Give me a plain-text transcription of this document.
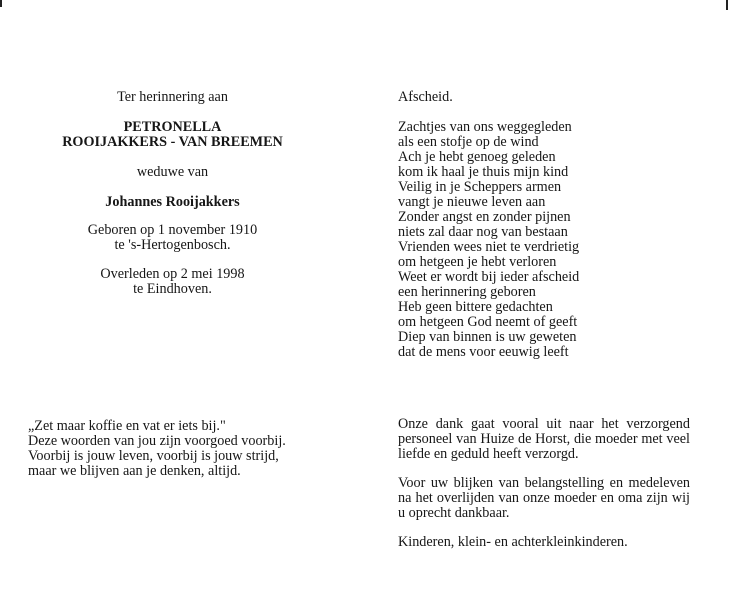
Ter herinnering aan
PETRONELLA
ROOIJAKKERS - VAN BREEMEN
weduwe van
Johannes Rooijakkers
Geboren op 1 november 1910
te 's-Hertogenbosch.
Overleden op 2 mei 1998
te Eindhoven.
Afscheid.
Zachtjes van ons weggegleden
als een stofje op de wind
Ach je hebt genoeg geleden
kom ik haal je thuis mijn kind
Veilig in je Scheppers armen
vangt je nieuwe leven aan
Zonder angst en zonder pijnen
niets zal daar nog van bestaan
Vrienden wees niet te verdrietig
om hetgeen je hebt verloren
Weet er wordt bij ieder afscheid
een herinnering geboren
Heb geen bittere gedachten
om hetgeen God neemt of geeft
Diep van binnen is uw geweten
dat de mens voor eeuwig leeft
„Zet maar koffie en vat er iets bij."
Deze woorden van jou zijn voorgoed voorbij.
Voorbij is jouw leven, voorbij is jouw strijd,
maar we blijven aan je denken, altijd.

Onze dank gaat vooral uit naar het verzorgend personeel van Huize de Horst, die moeder met veel liefde en geduld heeft verzorgd.

Voor uw blijken van belangstelling en medeleven na het overlijden van onze moeder en oma zijn wij u oprecht dankbaar.

Kinderen, klein- en achterkleinkinderen.
